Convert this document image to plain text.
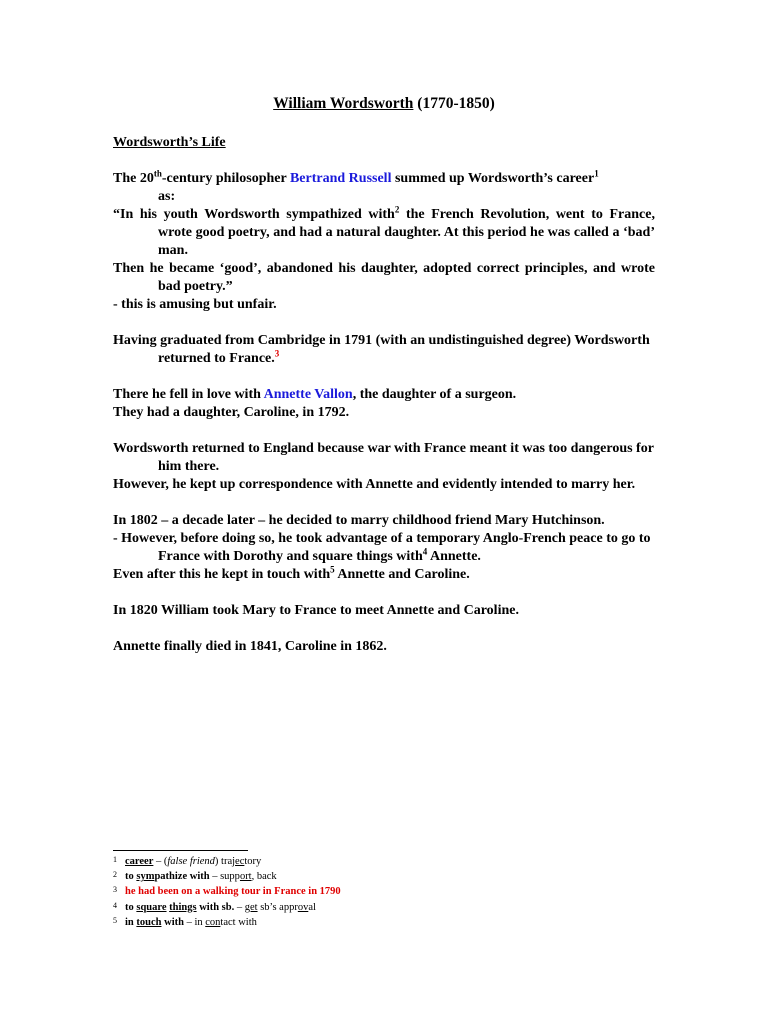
William Wordsworth (1770-1850)

Wordsworth’s Life

The 20th-century philosopher Bertrand Russell summed up Wordsworth’s career$^1$
as:

“In his youth Wordsworth sympathized with$^2$ the French Revolution, went to France, wrote good poetry, and had a natural daughter. At this period he was called a ‘bad’ man.

Then he became ‘good’, abandoned his daughter, adopted correct principles, and wrote bad poetry.”

- this is amusing but unfair.

Having graduated from Cambridge in 1791 (with an undistinguished degree) Wordsworth returned to France.$^3$

There he fell in love with Annette Vallon, the daughter of a surgeon.

They had a daughter, Caroline, in 1792.

Wordsworth returned to England because war with France meant it was too dangerous for him there.

However, he kept up correspondence with Annette and evidently intended to marry her.

In 1802 – a decade later – he decided to marry childhood friend Mary Hutchinson.

- However, before doing so, he took advantage of a temporary Anglo-French peace to go to France with Dorothy and square things with$^4$ Annette.

Even after this he kept in touch with$^5$ Annette and Caroline.

In 1820 William took Mary to France to meet Annette and Caroline.

Annette finally died in 1841, Caroline in 1862.

1 career – (false friend) trajectory
2 to sympathize with – support, back
3 he had been on a walking tour in France in 1790
4 to square things with sb. – get sb’s approval
5 in touch with – in contact with
